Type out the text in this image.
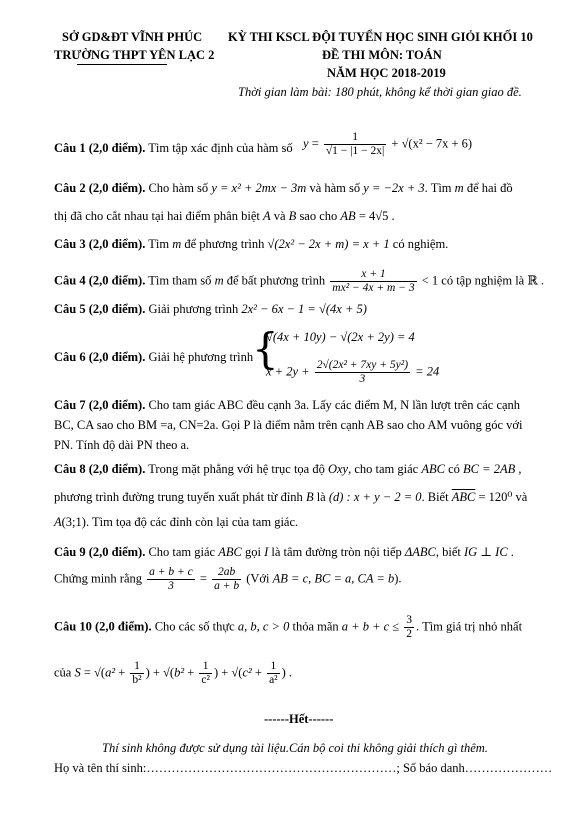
SỞ GD&ĐT VĨNH PHÚC
TRƯỜNG THPT YÊN LẠC 2
KỲ THI KSCL ĐỘI TUYỂN HỌC SINH GIỎI KHỐI 10
ĐỀ THI MÔN: TOÁN
NĂM HỌC 2018-2019
Thời gian làm bài: 180 phút, không kể thời gian giao đề.
Câu 1 (2,0 điểm). Tìm tập xác định của hàm số $y = \frac{1}{√1 - |1 - 2x|} + √(x^2 - 7x + 6)$
Câu 2 (2,0 điểm). Cho hàm số y = x² + 2mx − 3m và hàm số y = −2x + 3. Tìm m để hai đồ
thị đã cho cắt nhau tại hai điểm phân biệt A và B sao cho AB = 4√5 .
Câu 3 (2,0 điểm). Tìm m để phương trình √(2x² − 2x + m) = x + 1 có nghiệm.
Câu 4 (2,0 điểm). Tìm tham số m để bất phương trình $\frac{x + 1}{\text{mx² − 4x + m − 3}} < 1$ có tập nghiệm là ℝ .
Câu 5 (2,0 điểm). Giải phương trình 2x² − 6x − 1 = √(4x + 5)
Câu 6 (2,0 điểm). Giải hệ phương trình
{
√(4x + 10y) − √(2x + 2y) = 4
$x + 2y + \frac{\text{2√(2x² + 7xy + 5y²)}}{3} = 24$
Câu 7 (2,0 điểm). Cho tam giác ABC đều cạnh 3a. Lấy các điểm M, N lần lượt trên các cạnh
BC, CA sao cho BM =a, CN=2a. Gọi P là điểm nằm trên cạnh AB sao cho AM vuông góc với
PN. Tính độ dài PN theo a.
Câu 8 (2,0 điểm). Trong mặt phẳng với hệ trục tọa độ Oxy, cho tam giác ABC có BC = 2AB ,
phương trình đường trung tuyến xuất phát từ đỉnh B là (d) : x + y − 2 = 0. Biết $\overline{ABC} = 120^0$ và
A(3;1). Tìm tọa độ các đỉnh còn lại của tam giác.
Câu 9 (2,0 điểm). Cho tam giác ABC gọi I là tâm đường tròn nội tiếp ΔABC, biết IG ⊥ IC .
Chứng minh rằng $\frac{a + b + c}{3} = \frac{2ab}{a + b}$ (Với AB = c, BC = a, CA = b).
Câu 10 (2,0 điểm). Cho các số thực a, b, c > 0 thỏa mãn $a + b + c \le \frac{3}{2}$ . Tìm giá trị nhỏ nhất
của $S = √(a^2 + \frac{1}{\text{b²}}$ ) + $√(b^2 + \frac{1}{\text{c²}}$ ) + $√(c^2 + \frac{1}{\text{a²}}$ ) .
------Hết------
Thí sinh không được sử dụng tài liệu.Cán bộ coi thi không giải thích gì thêm.
Họ và tên thí sinh:……………………………………………………; Số báo danh…………………
